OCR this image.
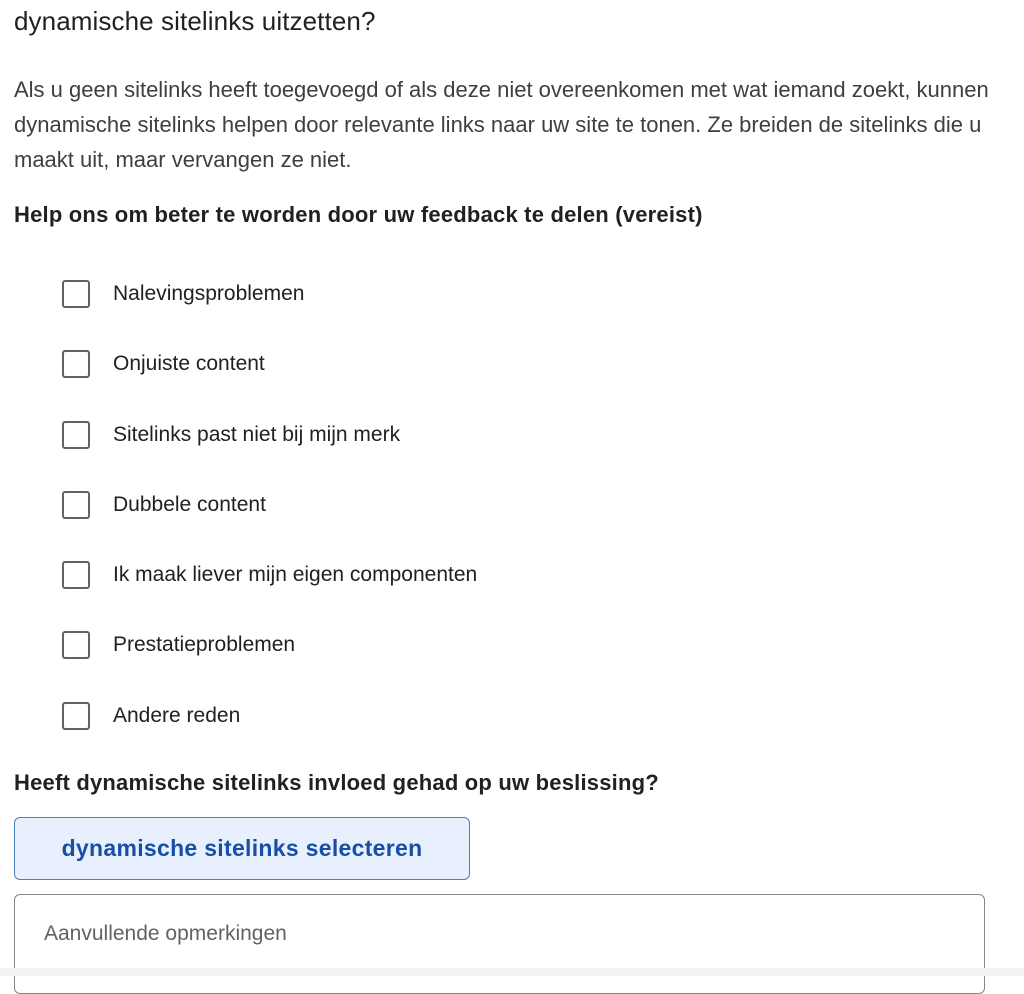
dynamische sitelinks uitzetten?

Als u geen sitelinks heeft toegevoegd of als deze niet overeenkomen met wat iemand zoekt, kunnen dynamische sitelinks helpen door relevante links naar uw site te tonen. Ze breiden de sitelinks die u maakt uit, maar vervangen ze niet.

Help ons om beter te worden door uw feedback te delen (vereist)
Nalevingsproblemen
Onjuiste content
Sitelinks past niet bij mijn merk
Dubbele content
Ik maak liever mijn eigen componenten
Prestatieproblemen
Andere reden
Heeft dynamische sitelinks invloed gehad op uw beslissing?
dynamische sitelinks selecteren
Aanvullende opmerkingen
